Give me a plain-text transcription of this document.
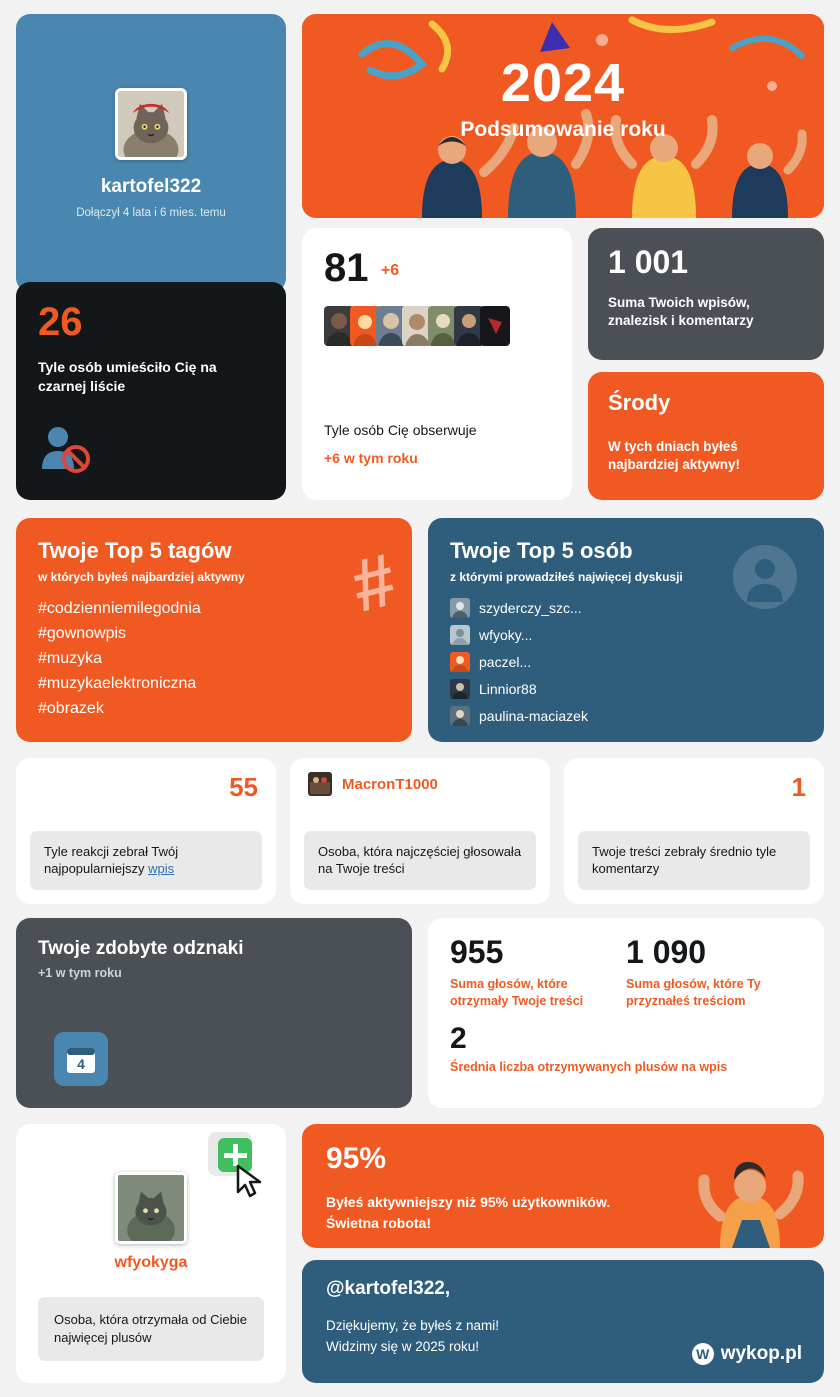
kartofel322
Dołączył 4 lata i 6 mies. temu
2024
Podsumowanie roku
26
Tyle osób umieściło Cię na czarnej liście
81 +6
Tyle osób Cię obserwuje
+6 w tym roku
1 001
Suma Twoich wpisów, znalezisk i komentarzy
Środy
W tych dniach byłeś najbardziej aktywny!
Twoje Top 5 tagów
w których byłeś najbardziej aktywny	#
#codzienniemilegodnia
#gownowpis
#muzyka
#muzykaelektroniczna
#obrazek
Twoje Top 5 osób
z którymi prowadziłeś najwięcej dyskusji
szyderczy_szc...
wfyoky...
paczel...
Linnior88
paulina-maciazek
55
Tyle reakcji zebrał Twój najpopularniejszy wpis
MacronT1000
Osoba, która najczęściej głosowała na Twoje treści
1
Twoje treści zebrały średnio tyle komentarzy
Twoje zdobyte odznaki
+1 w tym roku
4
955
Suma głosów, które otrzymały Twoje treści
1 090
Suma głosów, które Ty przyznałeś treściom
2
Średnia liczba otrzymywanych plusów na wpis
wfyokyga
Osoba, która otrzymała od Ciebie najwięcej plusów
95%
Byłeś aktywniejszy niż 95% użytkowników.
Świetna robota!
@kartofel322,
Dziękujemy, że byłeś z nami!
Widzimy się w 2025 roku!	W wykop.pl
